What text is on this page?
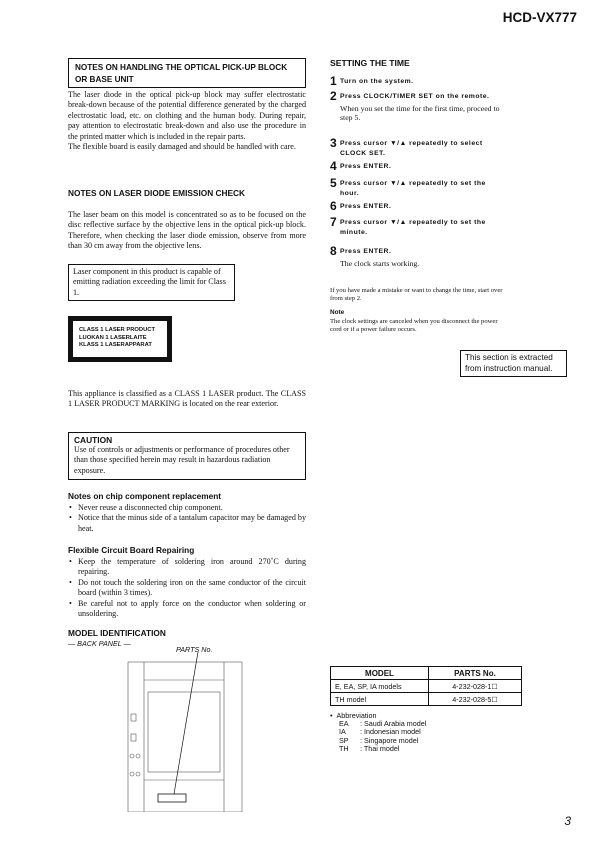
HCD-VX777
NOTES ON HANDLING THE OPTICAL PICK-UP BLOCK OR BASE UNIT
The laser diode in the optical pick-up block may suffer electrostatic break-down because of the potential difference generated by the charged electrostatic load, etc. on clothing and the human body. During repair, pay attention to electrostatic break-down and also use the procedure in the printed matter which is included in the repair parts.
The flexible board is easily damaged and should be handled with care.
NOTES ON LASER DIODE EMISSION CHECK
The laser beam on this model is concentrated so as to be focused on the disc reflective surface by the objective lens in the optical pick-up block. Therefore, when checking the laser diode emission, observe from more than 30 cm away from the objective lens.
Laser component in this product is capable of emitting radiation exceeding the limit for Class 1.
CLASS 1 LASER PRODUCT
LUOKAN 1 LASERLAITE
KLASS 1 LASERAPPARAT
This appliance is classified as a CLASS 1 LASER product. The CLASS 1 LASER PRODUCT MARKING is located on the rear exterior.
CAUTION
Use of controls or adjustments or performance of procedures other than those specified herein may result in hazardous radiation exposure.
Notes on chip component replacement
• Never reuse a disconnected chip component.
• Notice that the minus side of a tantalum capacitor may be damaged by heat.
Flexible Circuit Board Repairing
• Keep the temperature of soldering iron around 270˚C during repairing.
• Do not touch the soldering iron on the same conductor of the circuit board (within 3 times).
• Be careful not to apply force on the conductor when soldering or unsoldering.
MODEL IDENTIFICATION
— BACK PANEL —
PARTS No.
SETTING THE TIME
1 Turn on the system.
2 Press CLOCK/TIMER SET on the remote.
When you set the time for the first time, proceed to step 5.
3 Press cursor ▼/▲ repeatedly to select CLOCK SET.
4 Press ENTER.
5 Press cursor ▼/▲ repeatedly to set the hour.
6 Press ENTER.
7 Press cursor ▼/▲ repeatedly to set the minute.
8 Press ENTER.
The clock starts working.
If you have made a mistake or want to change the time, start over from step 2.
Note
The clock settings are canceled when you disconnect the power cord or if a power failure occurs.
This section is extracted from instruction manual.
MODEL	PARTS No.
E, EA, SP, IA models	4-232-028-1☐
TH model	4-232-028-5☐
•  Abbreviation
EA : Saudi Arabia model
IA : Indonesian model
SP : Singapore model
TH : Thai model
3
